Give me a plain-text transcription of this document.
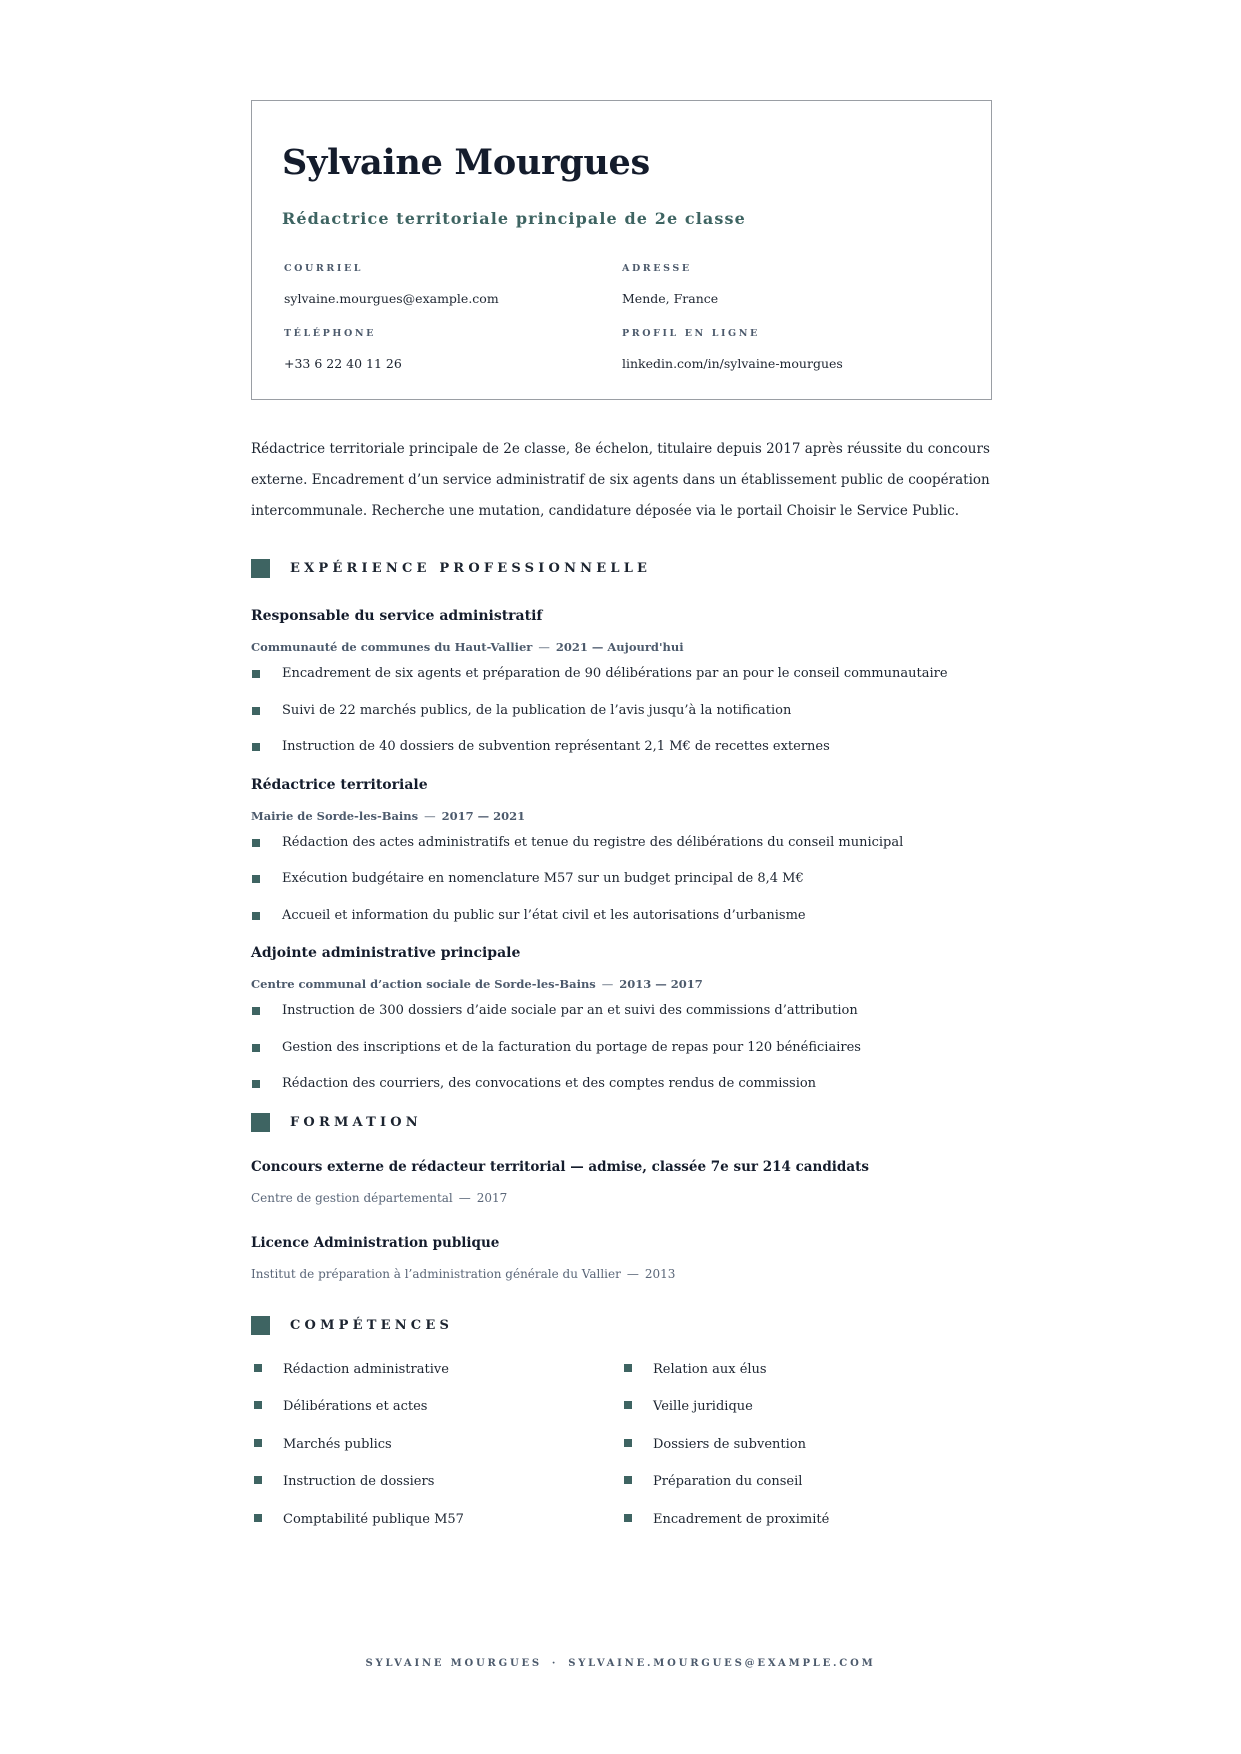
Sylvaine Mourgues
Rédactrice territoriale principale de 2e classe
COURRIEL
sylvaine.mourgues@example.com
ADRESSE
Mende, France
TÉLÉPHONE
+33 6 22 40 11 26
PROFIL EN LIGNE
linkedin.com/in/sylvaine-mourgues
Rédactrice territoriale principale de 2e classe, 8e échelon, titulaire depuis 2017 après réussite du concours externe. Encadrement d’un service administratif de six agents dans un établissement public de coopération intercommunale. Recherche une mutation, candidature déposée via le portail Choisir le Service Public.
EXPÉRIENCE PROFESSIONNELLE
Responsable du service administratif
Communauté de communes du Haut-Vallier — 2021 — Aujourd'hui
Encadrement de six agents et préparation de 90 délibérations par an pour le conseil communautaire
Suivi de 22 marchés publics, de la publication de l’avis jusqu’à la notification
Instruction de 40 dossiers de subvention représentant 2,1 M€ de recettes externes
Rédactrice territoriale
Mairie de Sorde-les-Bains — 2017 — 2021
Rédaction des actes administratifs et tenue du registre des délibérations du conseil municipal
Exécution budgétaire en nomenclature M57 sur un budget principal de 8,4 M€
Accueil et information du public sur l’état civil et les autorisations d’urbanisme
Adjointe administrative principale
Centre communal d’action sociale de Sorde-les-Bains — 2013 — 2017
Instruction de 300 dossiers d’aide sociale par an et suivi des commissions d’attribution
Gestion des inscriptions et de la facturation du portage de repas pour 120 bénéficiaires
Rédaction des courriers, des convocations et des comptes rendus de commission
FORMATION
Concours externe de rédacteur territorial — admise, classée 7e sur 214 candidats
Centre de gestion départemental — 2017
Licence Administration publique
Institut de préparation à l’administration générale du Vallier — 2013
COMPÉTENCES
Rédaction administrative
Délibérations et actes
Marchés publics
Instruction de dossiers
Comptabilité publique M57
Relation aux élus
Veille juridique
Dossiers de subvention
Préparation du conseil
Encadrement de proximité
SYLVAINE MOURGUES · SYLVAINE.MOURGUES@EXAMPLE.COM
